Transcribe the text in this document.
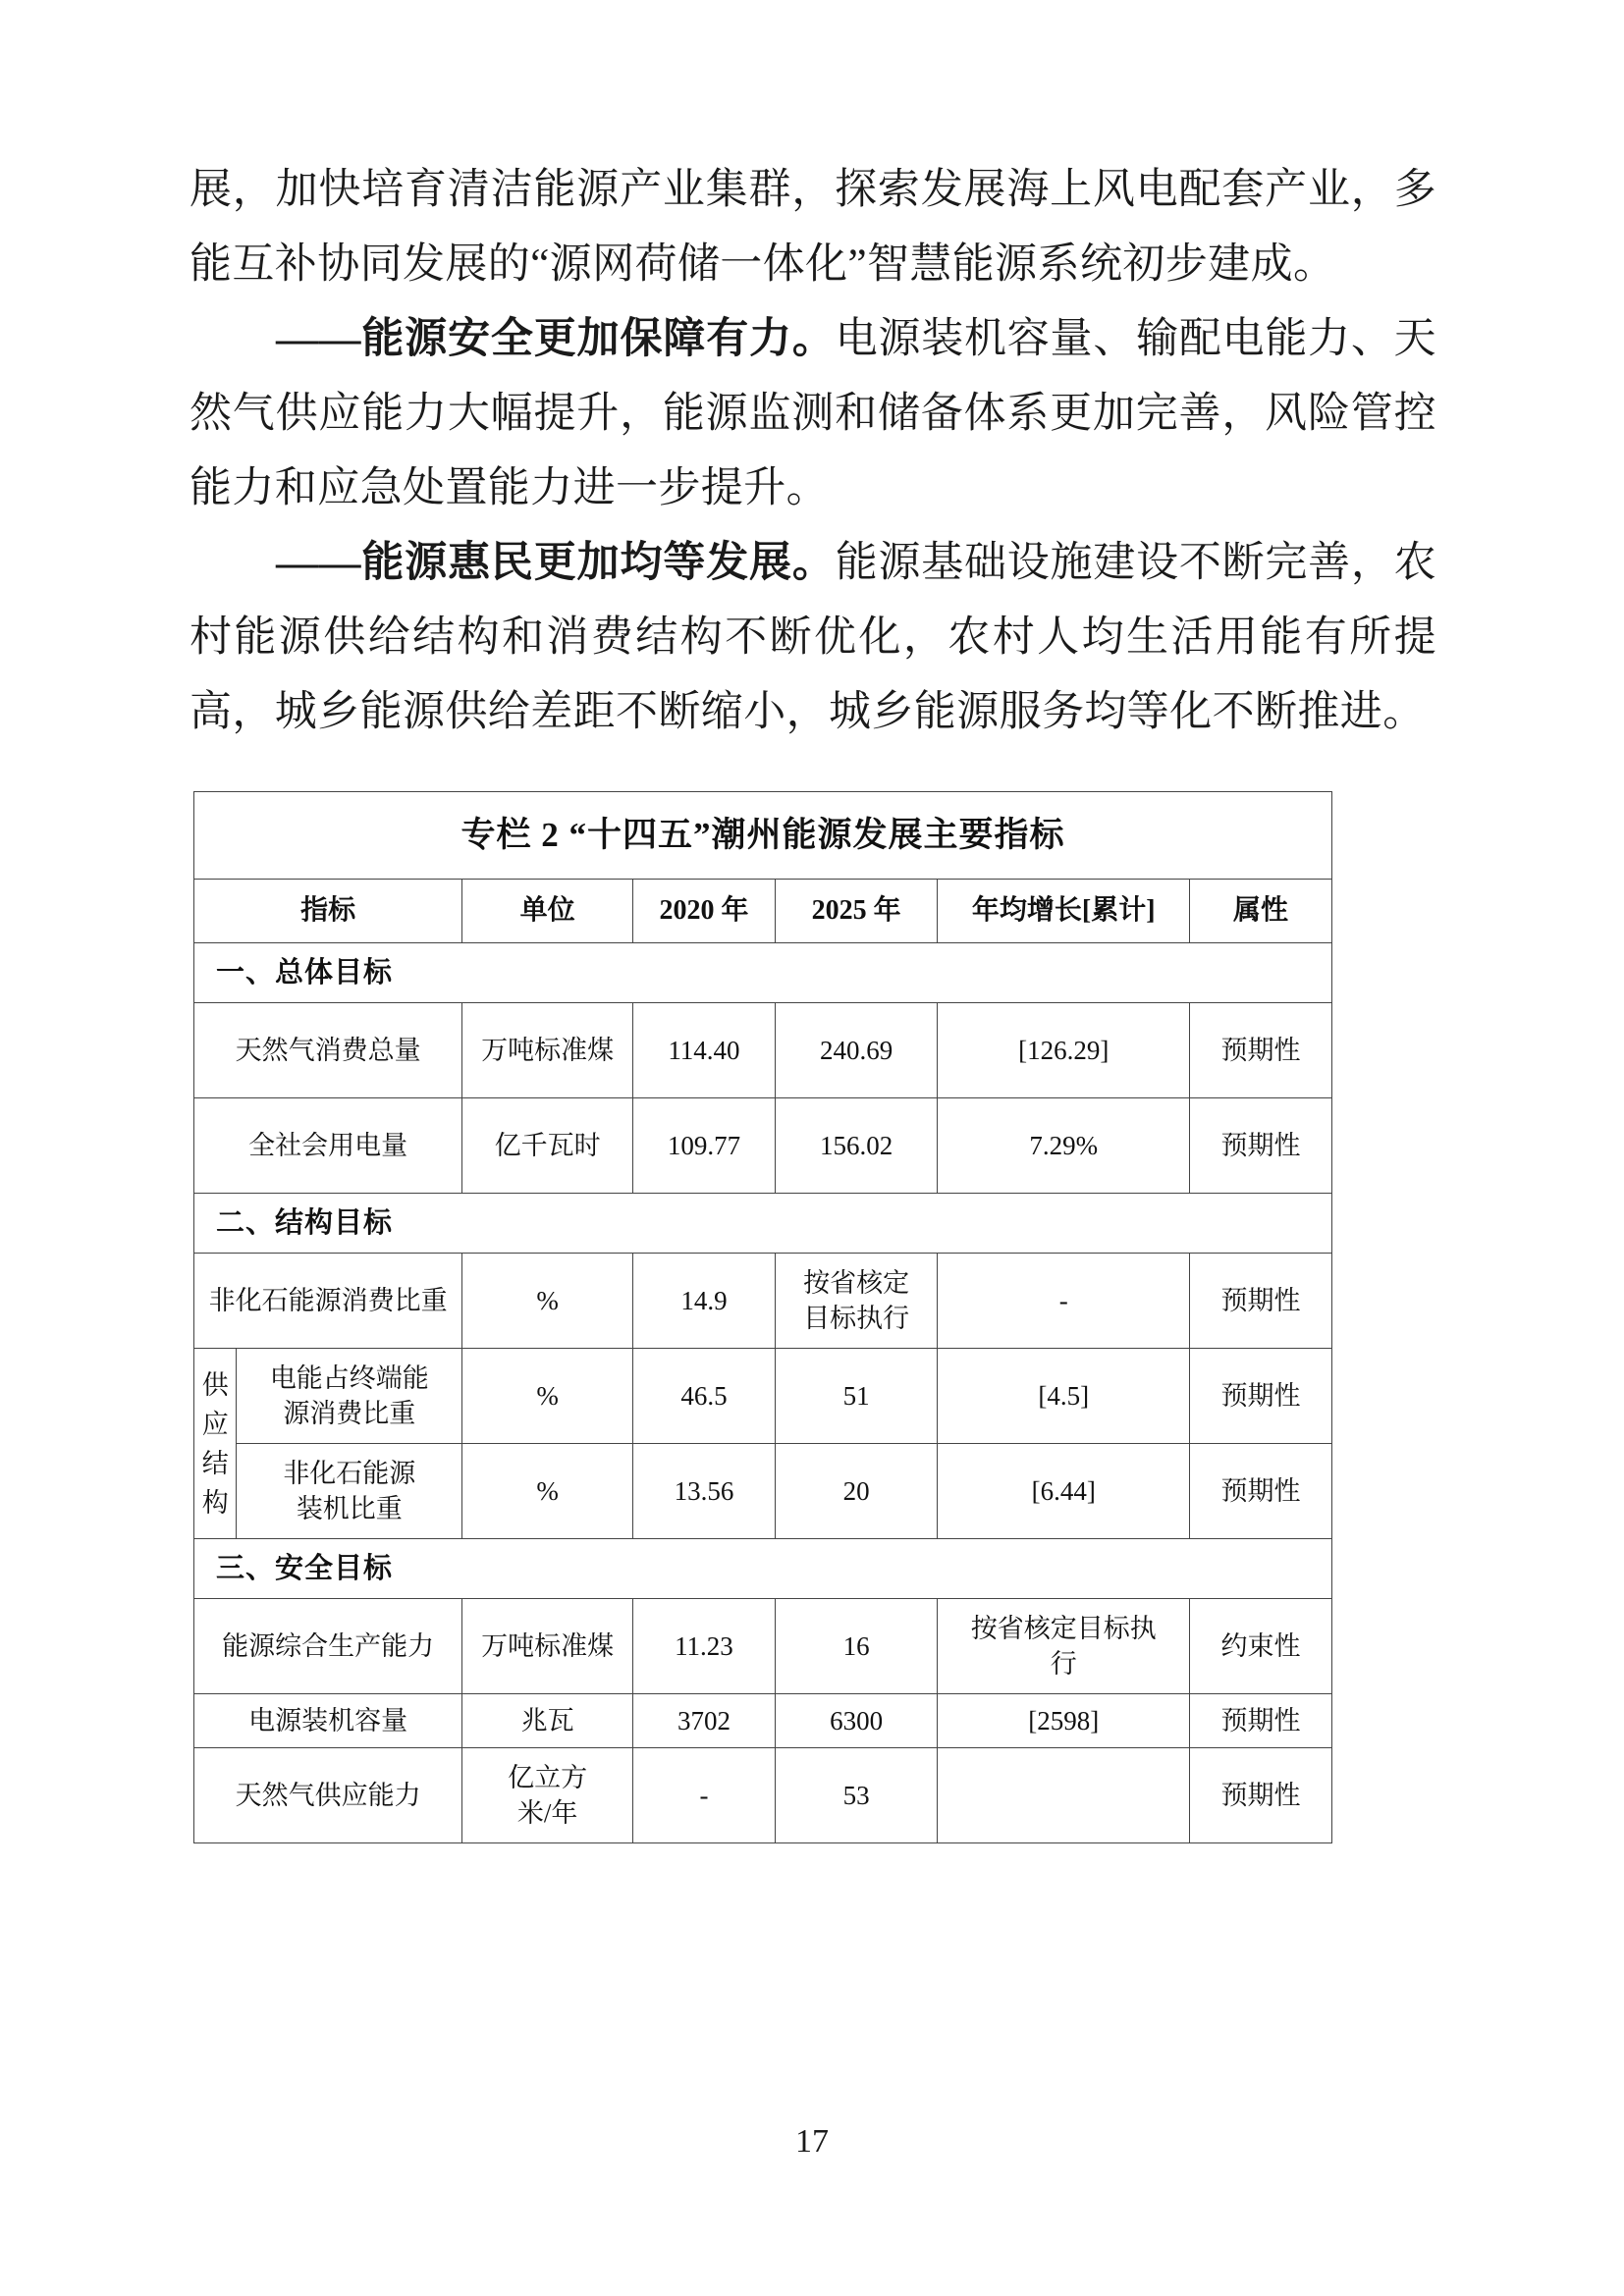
展，加快培育清洁能源产业集群，探索发展海上风电配套产业，多能互补协同发展的“源网荷储一体化”智慧能源系统初步建成。

——能源安全更加保障有力。电源装机容量、输配电能力、天然气供应能力大幅提升，能源监测和储备体系更加完善，风险管控能力和应急处置能力进一步提升。

——能源惠民更加均等发展。能源基础设施建设不断完善，农村能源供给结构和消费结构不断优化，农村人均生活用能有所提高，城乡能源供给差距不断缩小，城乡能源服务均等化不断推进。

专栏 2 “十四五”潮州能源发展主要指标						
指标		单位	2020 年	2025 年	年均增长[累计]	属性
一、总体目标						
天然气消费总量		万吨标准煤	114.40	240.69	[126.29]	预期性
全社会用电量		亿千瓦时	109.77	156.02	7.29%	预期性
二、结构目标						
非化石能源消费比重		%	14.9	按省核定目标执行	-	预期性
供应结构	电能占终端能源消费比重	%	46.5	51	[4.5]	预期性
	非化石能源装机比重	%	13.56	20	[6.44]	预期性
三、安全目标						
能源综合生产能力		万吨标准煤	11.23	16	按省核定目标执行	约束性
电源装机容量		兆瓦	3702	6300	[2598]	预期性
天然气供应能力		亿立方米/年	-	53		预期性
17
